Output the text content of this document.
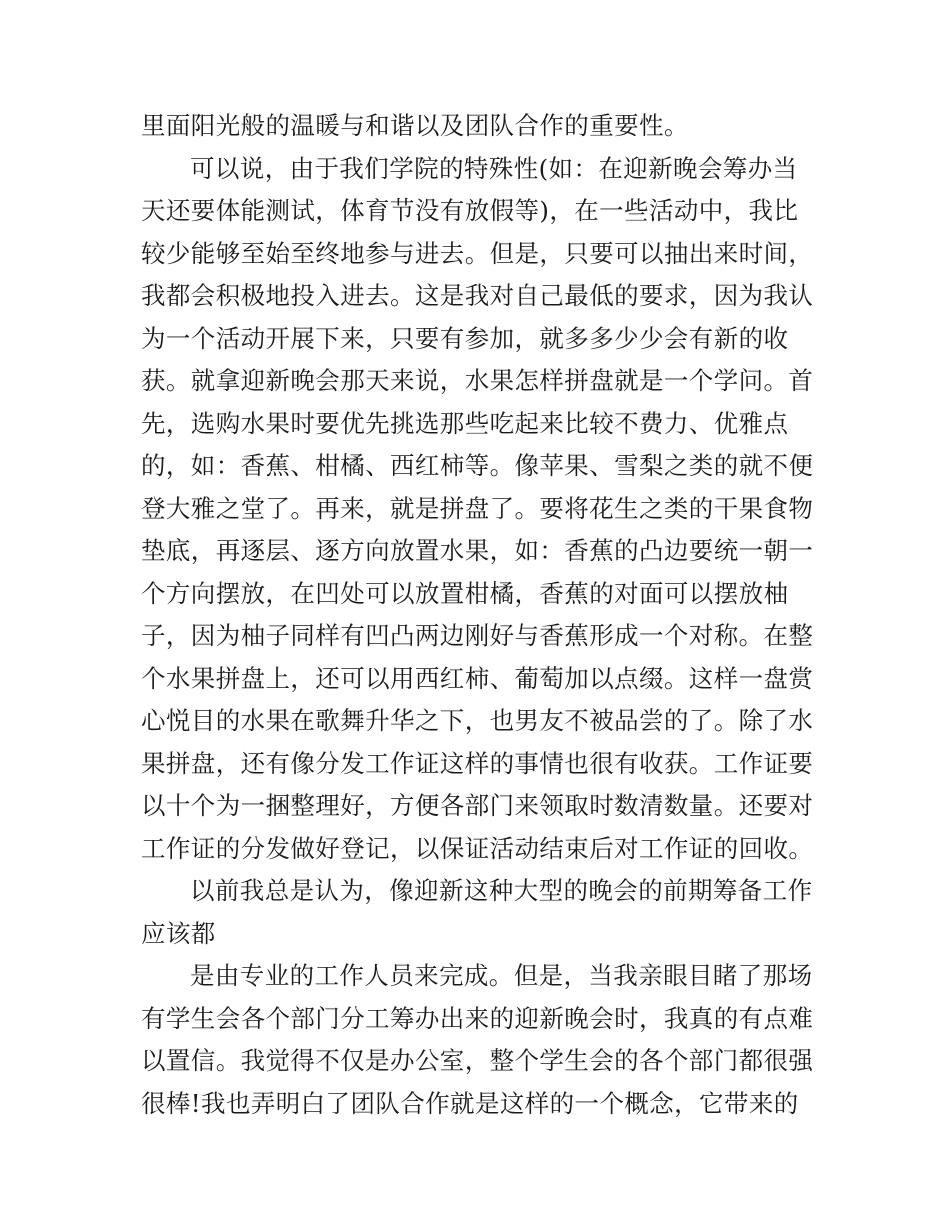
里面阳光般的温暖与和谐以及团队合作的重要性。
可以说，由于我们学院的特殊性(如：在迎新晚会筹办当
天还要体能测试，体育节没有放假等)，在一些活动中，我比
较少能够至始至终地参与进去。但是，只要可以抽出来时间，
我都会积极地投入进去。这是我对自己最低的要求，因为我认
为一个活动开展下来，只要有参加，就多多少少会有新的收
获。就拿迎新晚会那天来说，水果怎样拼盘就是一个学问。首
先，选购水果时要优先挑选那些吃起来比较不费力、优雅点
的，如：香蕉、柑橘、西红柿等。像苹果、雪梨之类的就不便
登大雅之堂了。再来，就是拼盘了。要将花生之类的干果食物
垫底，再逐层、逐方向放置水果，如：香蕉的凸边要统一朝一
个方向摆放，在凹处可以放置柑橘，香蕉的对面可以摆放柚
子，因为柚子同样有凹凸两边刚好与香蕉形成一个对称。在整
个水果拼盘上，还可以用西红柿、葡萄加以点缀。这样一盘赏
心悦目的水果在歌舞升华之下，也男友不被品尝的了。除了水
果拼盘，还有像分发工作证这样的事情也很有收获。工作证要
以十个为一捆整理好，方便各部门来领取时数清数量。还要对
工作证的分发做好登记，以保证活动结束后对工作证的回收。
以前我总是认为，像迎新这种大型的晚会的前期筹备工作
应该都
是由专业的工作人员来完成。但是，当我亲眼目睹了那场
有学生会各个部门分工筹办出来的迎新晚会时，我真的有点难
以置信。我觉得不仅是办公室，整个学生会的各个部门都很强
很棒!我也弄明白了团队合作就是这样的一个概念，它带来的
